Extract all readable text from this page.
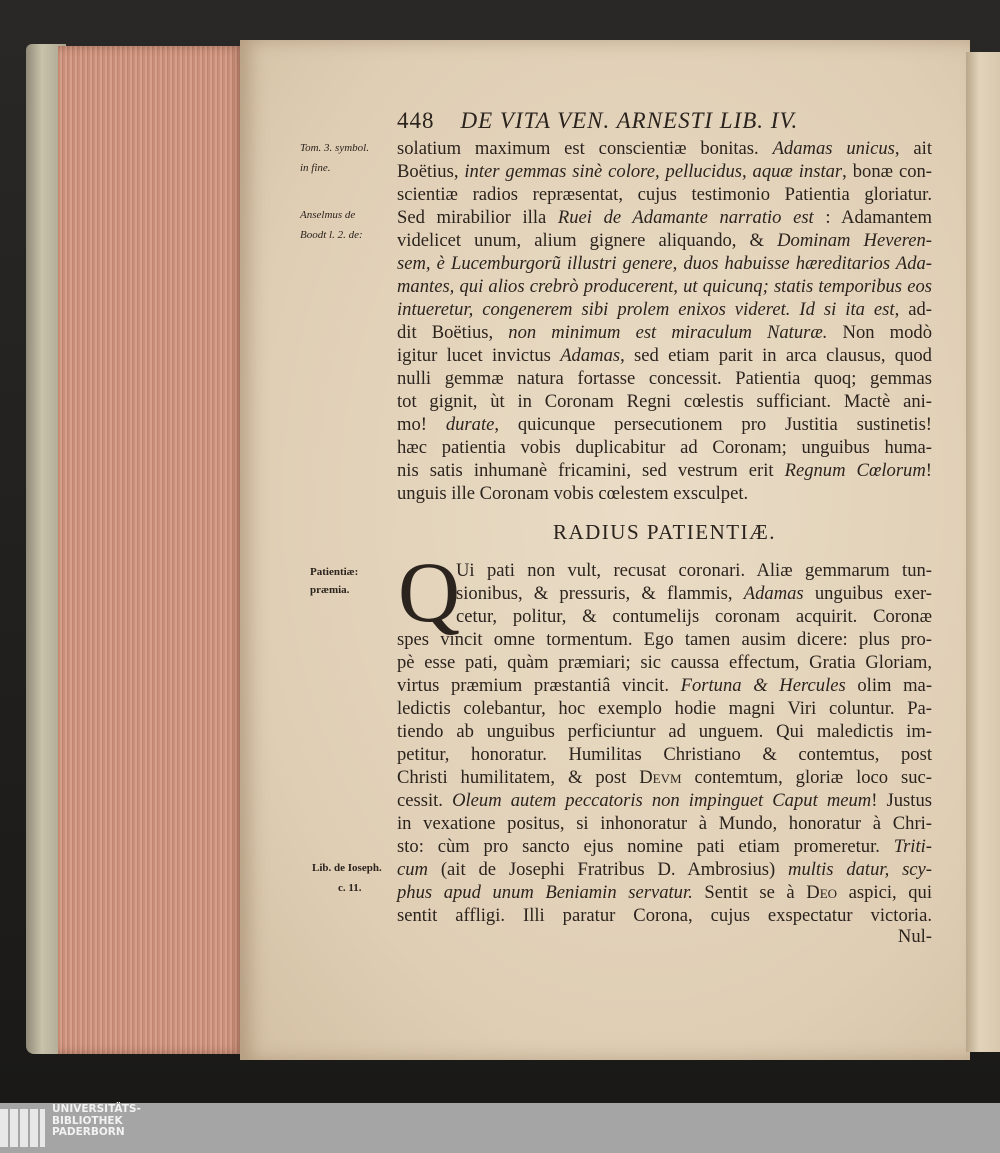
448 DE VITA VEN. ARNESTI LIB. IV.
Tom. 3. symbol.
in fine.
Anselmus de
Boodt l. 2. de:
Patientiæ:
præmia.
Lib. de Ioseph.
c. 11.
solatium maximum est conscientiæ bonitas. Adamas unicus, ait
Boëtius, inter gemmas sinè colore, pellucidus, aquæ instar, bonæ con-
scientiæ radios repræsentat, cujus testimonio Patientia gloriatur.
Sed mirabilior illa Ruei de Adamante narratio est : Adamantem
videlicet unum, alium gignere aliquando, & Dominam Heveren-
sem, è Lucemburgorũ illustri genere, duos habuisse hæreditarios Ada-
mantes, qui alios crebrò producerent, ut quicunq; statis temporibus eos
intueretur, congenerem sibi prolem enixos videret. Id si ita est, ad-
dit Boëtius, non minimum est miraculum Naturæ. Non modò
igitur lucet invictus Adamas, sed etiam parit in arca clausus, quod
nulli gemmæ natura fortasse concessit. Patientia quoq; gemmas
tot gignit, ùt in Coronam Regni cœlestis sufficiant. Mactè ani-
mo! durate, quicunque persecutionem pro Justitia sustinetis!
hæc patientia vobis duplicabitur ad Coronam; unguibus huma-
nis satis inhumanè fricamini, sed vestrum erit Regnum Cœlorum!
unguis ille Coronam vobis cœlestem exsculpet.
Ui pati non vult, recusat coronari. Aliæ gemmarum tun-
sionibus, & pressuris, & flammis, Adamas unguibus exer-
cetur, politur, & contumelijs coronam acquirit. Coronæ
spes vincit omne tormentum. Ego tamen ausim dicere: plus pro-
pè esse pati, quàm præmiari; sic caussa effectum, Gratia Gloriam,
virtus præmium præstantiâ vincit. Fortuna & Hercules olim ma-
ledictis colebantur, hoc exemplo hodie magni Viri coluntur. Pa-
tiendo ab unguibus perficiuntur ad unguem. Qui maledictis im-
petitur, honoratur. Humilitas Christiano & contemtus, post
Christi humilitatem, & post Devm contemtum, gloriæ loco suc-
cessit. Oleum autem peccatoris non impinguet Caput meum! Justus
in vexatione positus, si inhonoratur à Mundo, honoratur à Chri-
sto: cùm pro sancto ejus nomine pati etiam promeretur. Triti-
cum (ait de Josephi Fratribus D. Ambrosius) multis datur, scy-
phus apud unum Beniamin servatur. Sentit se à Deo aspici, qui
sentit affligi. Illi paratur Corona, cujus exspectatur victoria.
RADIUS PATIENTIÆ.
Q
Nul-
UNIVERSITÄTS-
BIBLIOTHEK
PADERBORN
